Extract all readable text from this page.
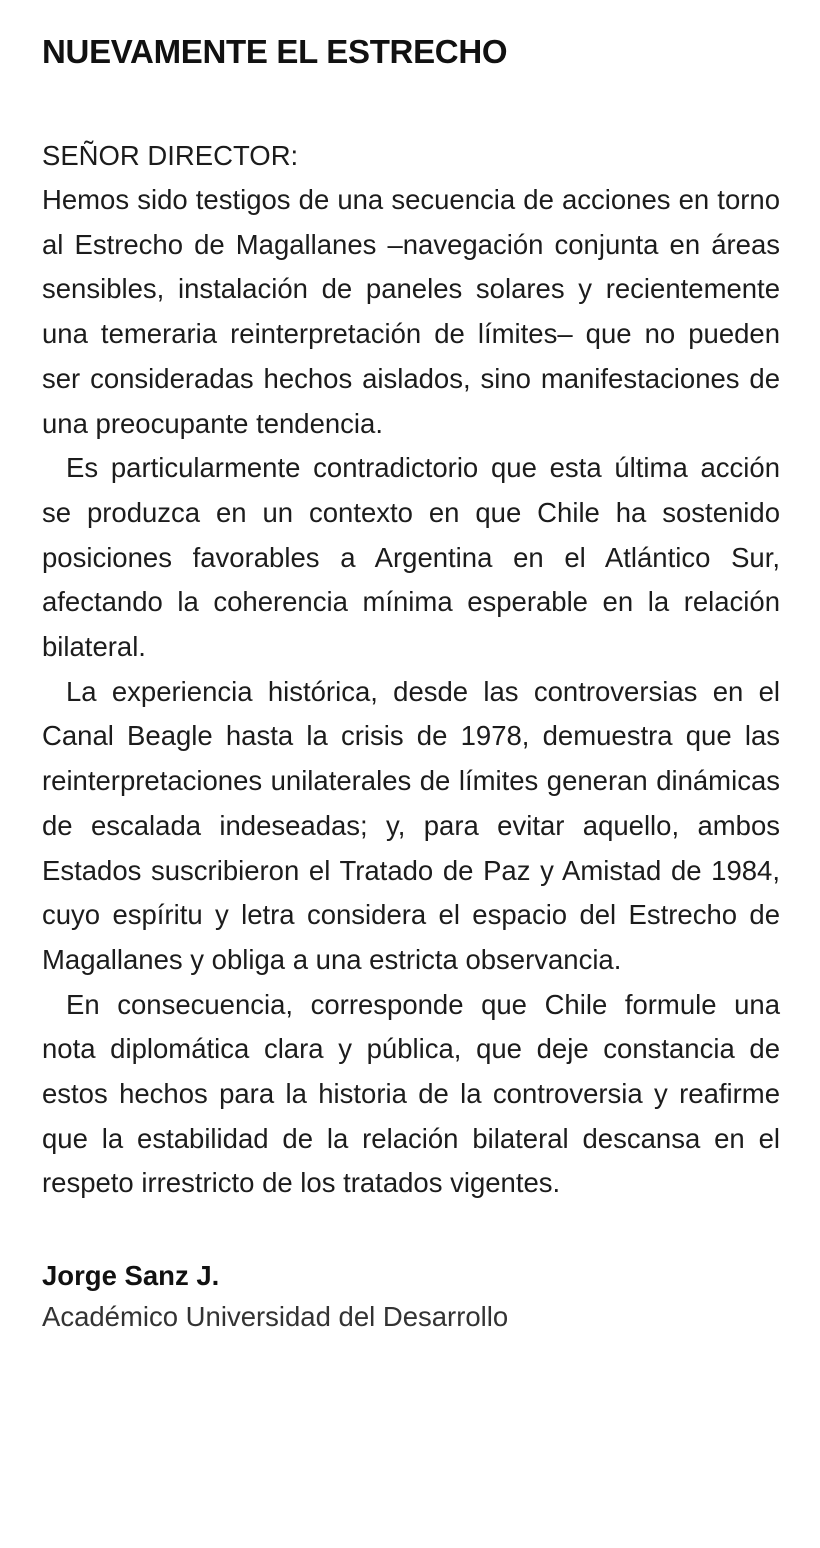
NUEVAMENTE EL ESTRECHO

SEÑOR DIRECTOR:

Hemos sido testigos de una secuencia de acciones en torno al Estrecho de Magallanes –navegación conjunta en áreas sensibles, instalación de paneles solares y recientemente una temeraria reinterpretación de límites– que no pueden ser consideradas hechos aislados, sino manifestaciones de una preocupante tendencia.

Es particularmente contradictorio que esta última acción se produzca en un contexto en que Chile ha sostenido posiciones favorables a Argentina en el Atlántico Sur, afectando la coherencia mínima esperable en la relación bilateral.

La experiencia histórica, desde las controversias en el Canal Beagle hasta la crisis de 1978, demuestra que las reinterpretaciones unilaterales de límites generan dinámicas de escalada indeseadas; y, para evitar aquello, ambos Estados suscribieron el Tratado de Paz y Amistad de 1984, cuyo espíritu y letra considera el espacio del Estrecho de Magallanes y obliga a una estricta observancia.

En consecuencia, corresponde que Chile formule una nota diplomática clara y pública, que deje constancia de estos hechos para la historia de la controversia y reafirme que la estabilidad de la relación bilateral descansa en el respeto irrestricto de los tratados vigentes.

Jorge Sanz J.

Académico Universidad del Desarrollo
